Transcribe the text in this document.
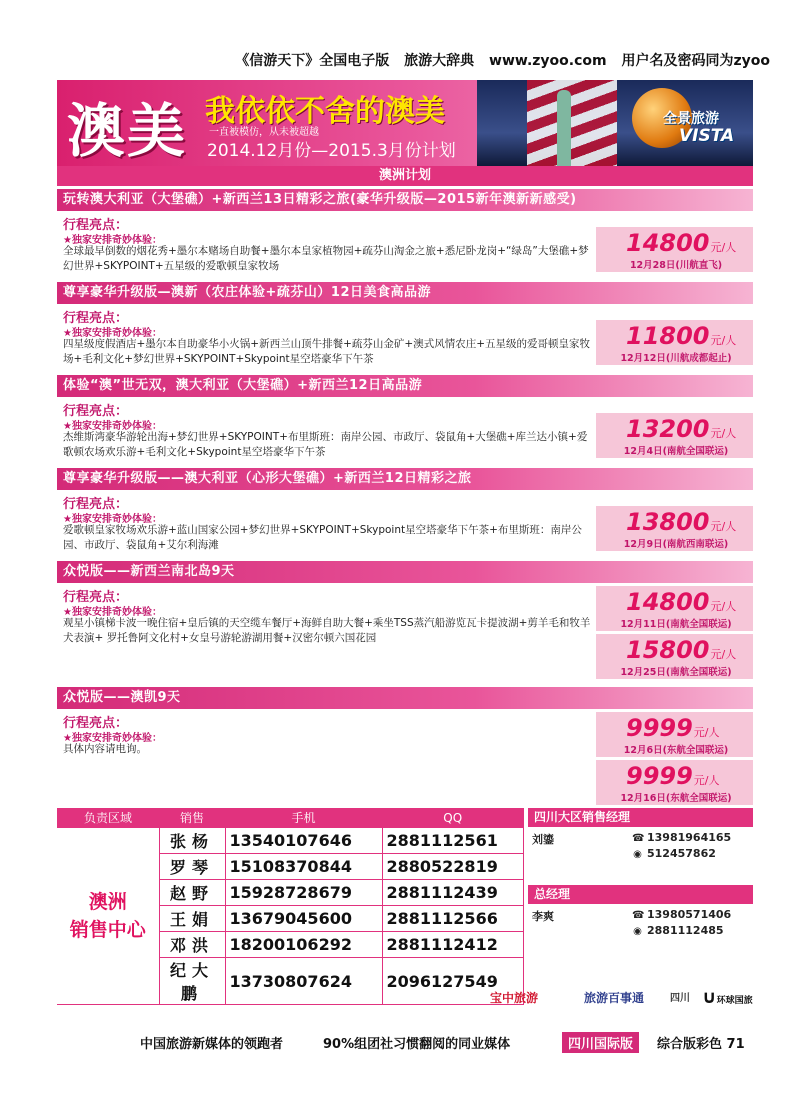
《信游天下》全国电子版 旅游大辞典 www.zyoo.com 用户名及密码同为zyoo
澳美 我依依不舍的澳美
一直被模仿，从未被超越
2014.12月份—2015.3月份计划
全景旅游
VISTA
澳洲计划
玩转澳大利亚（大堡礁）+新西兰13日精彩之旅(豪华升级版—2015新年澳新新感受)
行程亮点：
★独家安排奇妙体验：
全球最早倒数的烟花秀+墨尔本赌场自助餐+墨尔本皇家植物园+疏芬山淘金之旅+悉尼卧龙岗+“绿岛”大堡礁+梦幻世界+SKYPOINT+五星级的爱歌顿皇家牧场
14800元/人
12月28日(川航直飞)
尊享豪华升级版—澳新（农庄体验+疏芬山）12日美食高品游
行程亮点：
★独家安排奇妙体验：
四星级度假酒店+墨尔本自助豪华小火锅+新西兰山顶牛排餐+疏芬山金矿+澳式风情农庄+五星级的爱哥顿皇家牧场+毛利文化+梦幻世界+SKYPOINT+Skypoint星空塔豪华下午茶
11800元/人
12月12日(川航成都起止)
体验“澳”世无双，澳大利亚（大堡礁）+新西兰12日高品游
行程亮点：
★独家安排奇妙体验：
杰维斯湾豪华游轮出海+梦幻世界+SKYPOINT+布里斯班：南岸公园、市政厅、袋鼠角+大堡礁+库兰达小镇+爱歌顿农场欢乐游+毛利文化+Skypoint星空塔豪华下午茶
13200元/人
12月4日(南航全国联运)
尊享豪华升级版——澳大利亚（心形大堡礁）+新西兰12日精彩之旅
行程亮点：
★独家安排奇妙体验：
爱歌顿皇家牧场欢乐游+蓝山国家公园+梦幻世界+SKYPOINT+Skypoint星空塔豪华下午茶+布里斯班：南岸公园、市政厅、袋鼠角+艾尔利海滩
13800元/人
12月9日(南航西南联运)
众悦版——新西兰南北岛9天
行程亮点：
★独家安排奇妙体验：
观星小镇梯卡波一晚住宿+皇后镇的天空缆车餐厅+海鲜自助大餐+乘坐TSS蒸汽船游览瓦卡提波湖+剪羊毛和牧羊犬表演+ 罗托鲁阿文化村+女皇号游轮游湖用餐+汉密尔顿六国花园
14800元/人
12月11日(南航全国联运)
15800元/人
12月25日(南航全国联运)
众悦版——澳凯9天
行程亮点：
★独家安排奇妙体验：
具体内容请电询。
9999元/人
12月6日(东航全国联运)
9999元/人
12月16日(东航全国联运)
负责区域	销售	手机	QQ

澳洲
销售中心	张杨	13540107646	2881112561
	罗琴	15108370844	2880522819
	赵野	15928728679	2881112439
	王娟	13679045600	2881112566
	邓洪	18200106292	2881112412
	纪大鹏	13730807624	2096127549
四川大区销售经理
刘鎏	☎ 13981964165
◉ 512457862
总经理
李爽	☎ 13980571406
◉ 2881112485
宝中旅游	旅游百事通	四川 ∪环球国旅
中国旅游新媒体的领跑者	90%组团社习惯翻阅的同业媒体	四川国际版	综合版彩色 71
